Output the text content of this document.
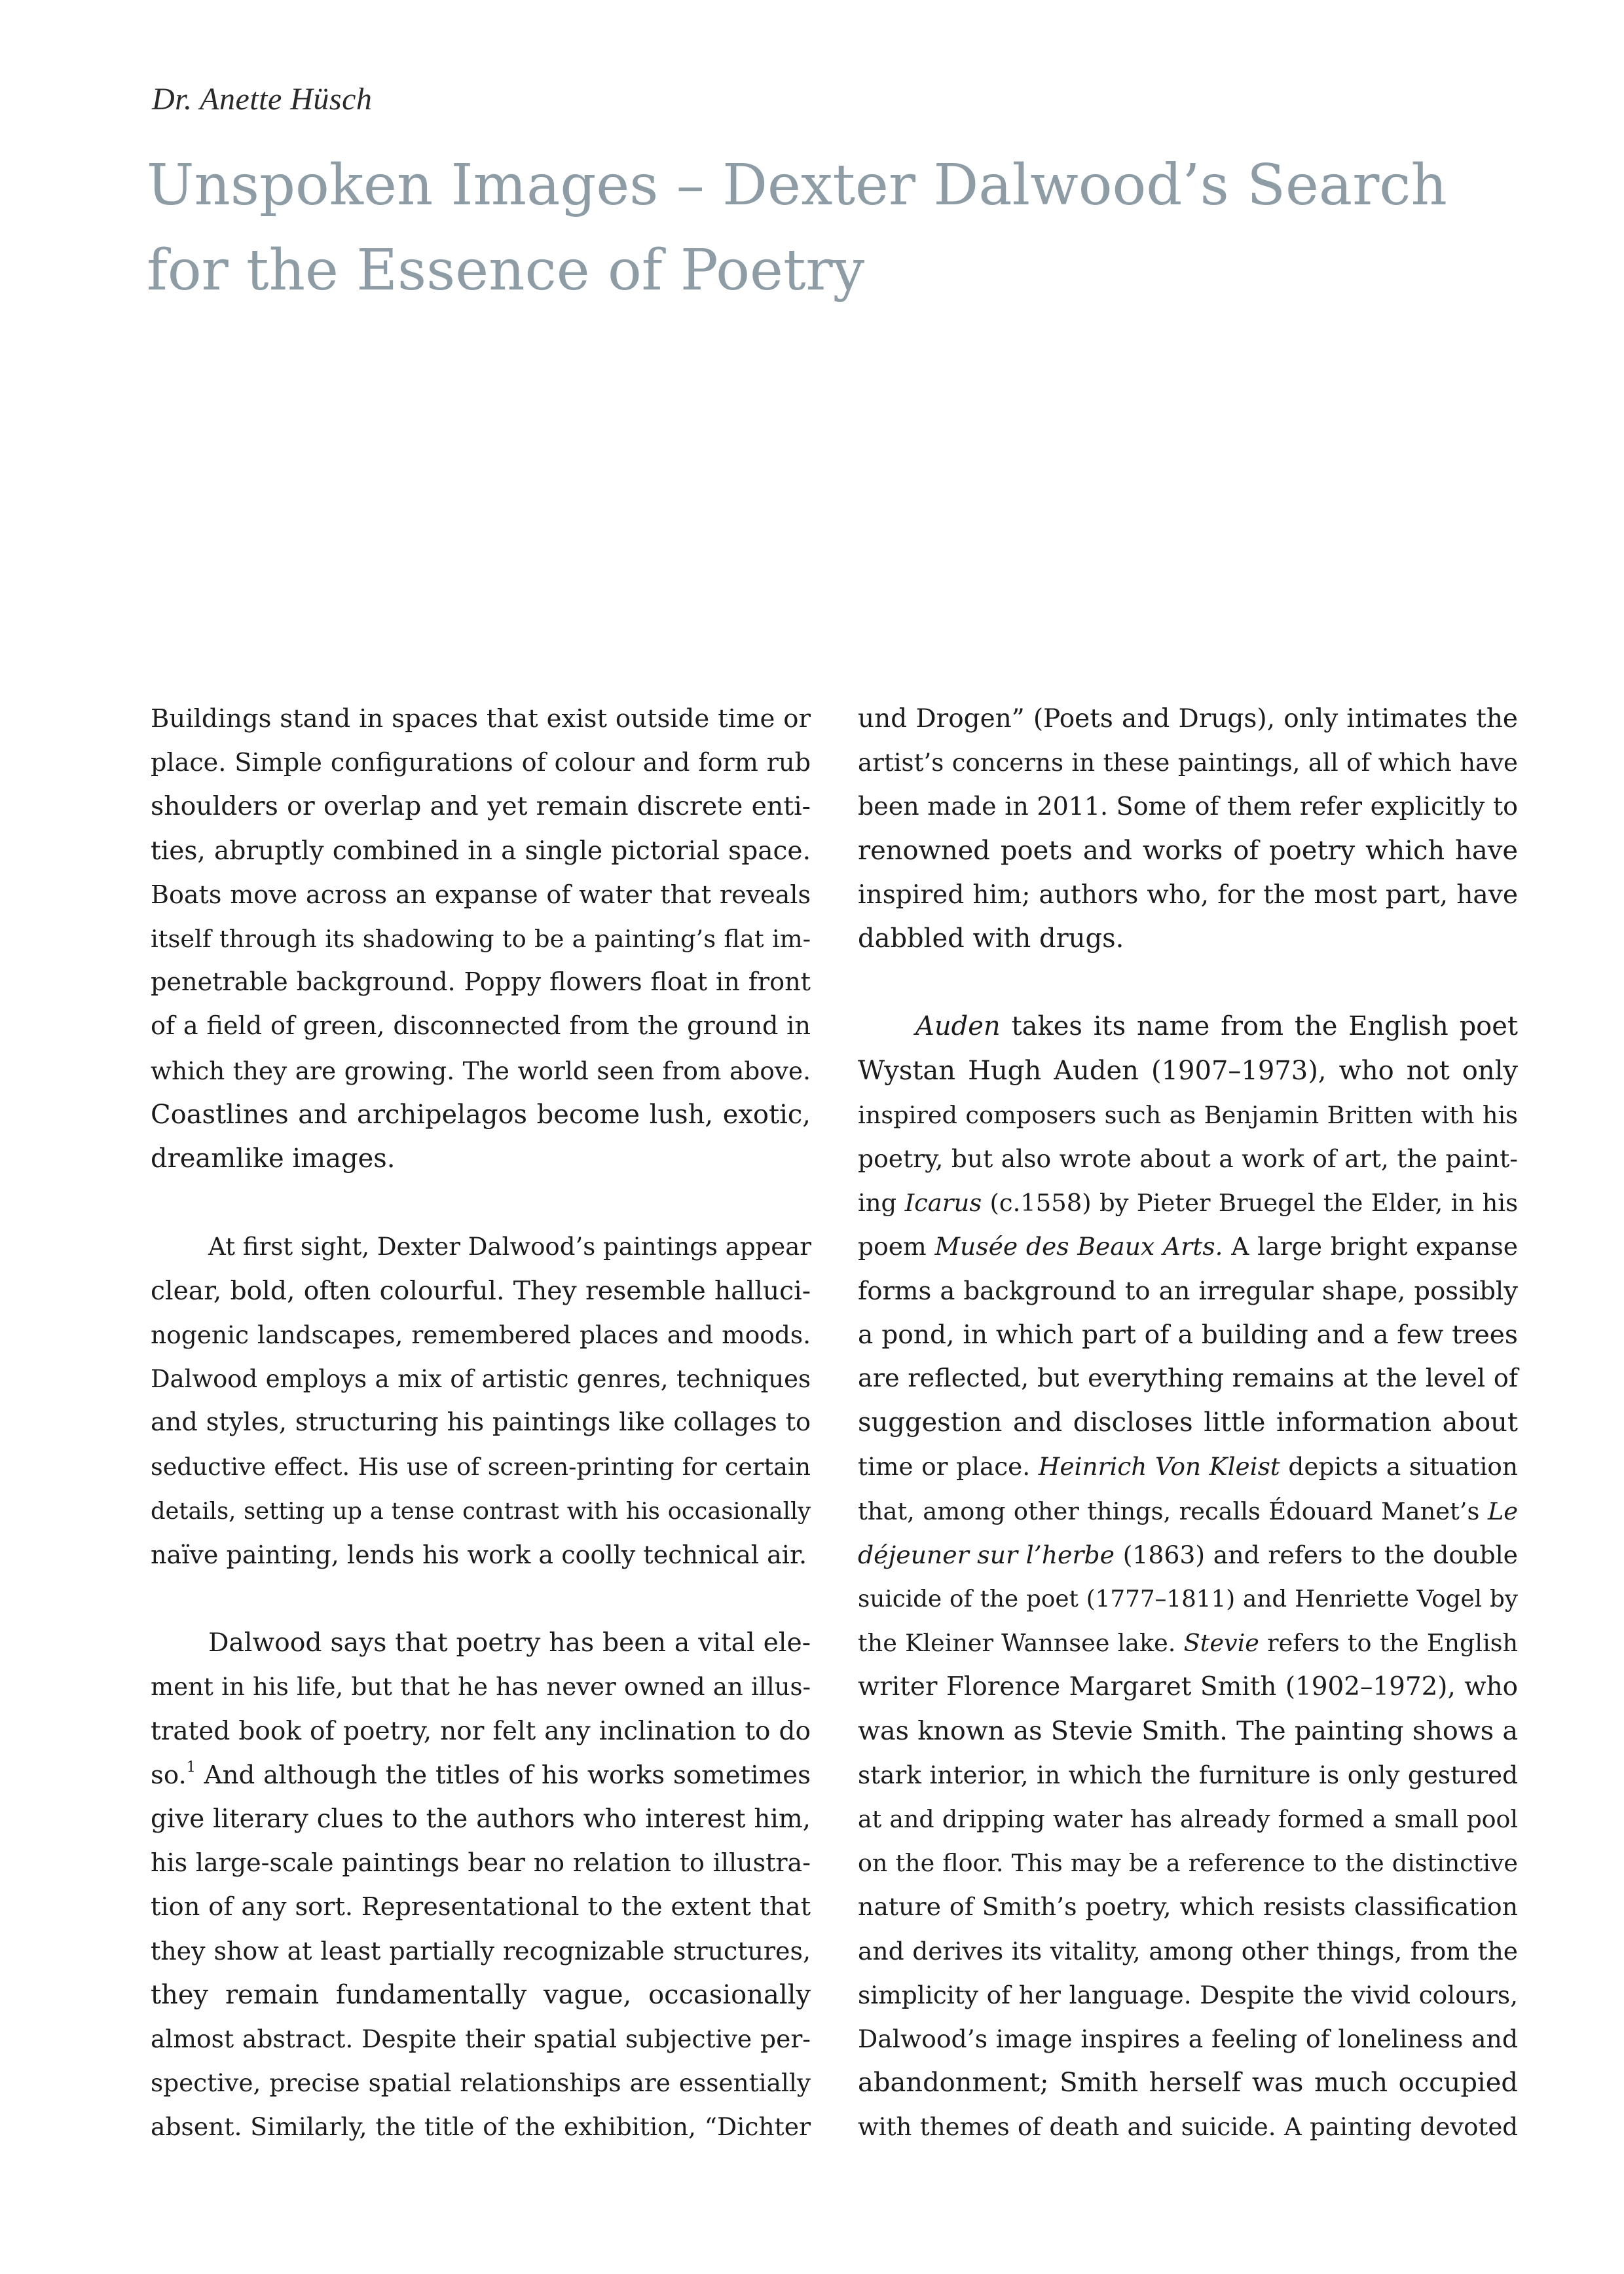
Dr. Anette Hüsch
Unspoken Images – Dexter Dalwood’s Search
for the Essence of Poetry
Buildings stand in spaces that exist outside time or
place. Simple configurations of colour and form rub
shoulders or overlap and yet remain discrete enti-
ties, abruptly combined in a single pictorial space.
Boats move across an expanse of water that reveals
itself through its shadowing to be a painting’s flat im-
penetrable background. Poppy flowers float in front
of a field of green, disconnected from the ground in
which they are growing. The world seen from above.
Coastlines and archipelagos become lush, exotic,
dreamlike images.
At first sight, Dexter Dalwood’s paintings appear
clear, bold, often colourful. They resemble halluci-
nogenic landscapes, remembered places and moods.
Dalwood employs a mix of artistic genres, techniques
and styles, structuring his paintings like collages to
seductive effect. His use of screen-printing for certain
details, setting up a tense contrast with his occasionally
naïve painting, lends his work a coolly technical air.
Dalwood says that poetry has been a vital ele-
ment in his life, but that he has never owned an illus-
trated book of poetry, nor felt any inclination to do
so.$^1$ And although the titles of his works sometimes
give literary clues to the authors who interest him,
his large-scale paintings bear no relation to illustra-
tion of any sort. Representational to the extent that
they show at least partially recognizable structures,
they remain fundamentally vague, occasionally
almost abstract. Despite their spatial subjective per-
spective, precise spatial relationships are essentially
absent. Similarly, the title of the exhibition, “Dichter
und Drogen” (Poets and Drugs), only intimates the
artist’s concerns in these paintings, all of which have
been made in 2011. Some of them refer explicitly to
renowned poets and works of poetry which have
inspired him; authors who, for the most part, have
dabbled with drugs.
Auden takes its name from the English poet
Wystan Hugh Auden (1907–1973), who not only
inspired composers such as Benjamin Britten with his
poetry, but also wrote about a work of art, the paint-
ing Icarus (c.1558) by Pieter Bruegel the Elder, in his
poem Musée des Beaux Arts. A large bright expanse
forms a background to an irregular shape, possibly
a pond, in which part of a building and a few trees
are reflected, but everything remains at the level of
suggestion and discloses little information about
time or place. Heinrich Von Kleist depicts a situation
that, among other things, recalls Édouard Manet’s Le
déjeuner sur l’herbe (1863) and refers to the double
suicide of the poet (1777–1811) and Henriette Vogel by
the Kleiner Wannsee lake. Stevie refers to the English
writer Florence Margaret Smith (1902–1972), who
was known as Stevie Smith. The painting shows a
stark interior, in which the furniture is only gestured
at and dripping water has already formed a small pool
on the floor. This may be a reference to the distinctive
nature of Smith’s poetry, which resists classification
and derives its vitality, among other things, from the
simplicity of her language. Despite the vivid colours,
Dalwood’s image inspires a feeling of loneliness and
abandonment; Smith herself was much occupied
with themes of death and suicide. A painting devoted
